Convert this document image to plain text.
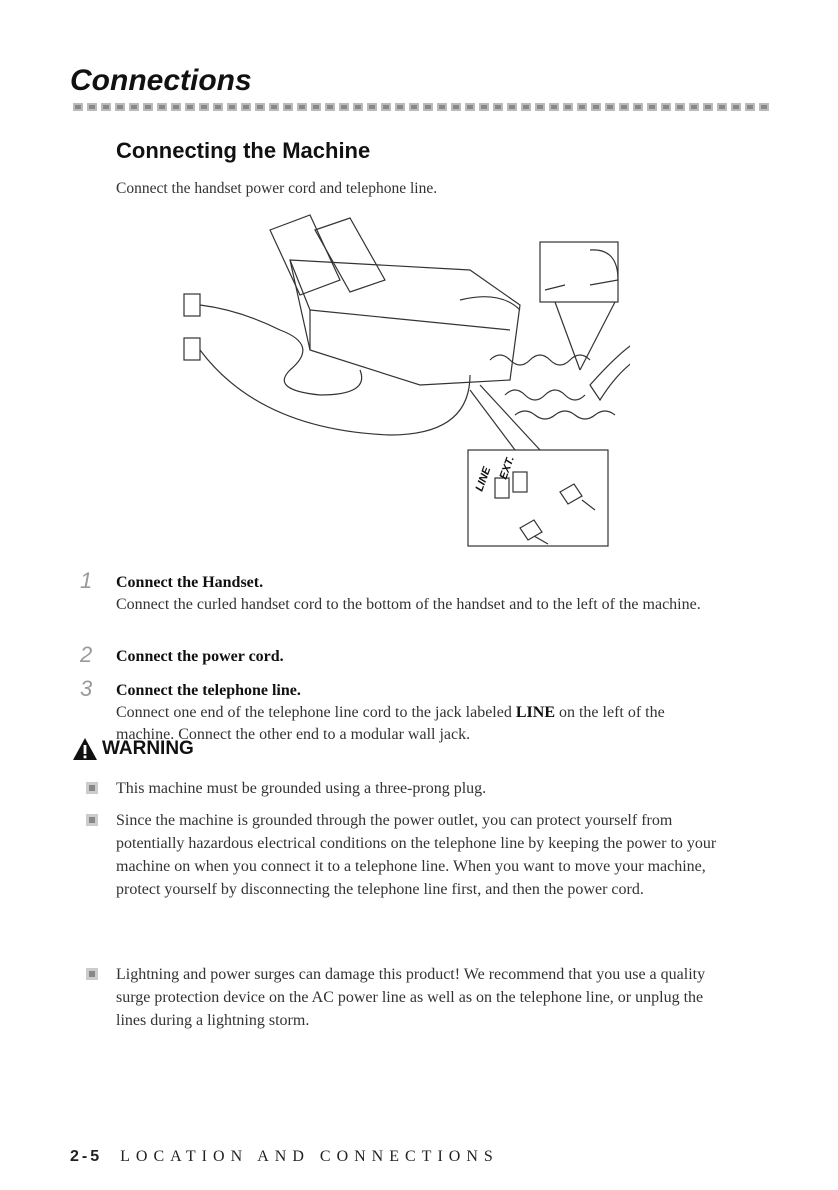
Connections
Connecting the Machine

Connect the handset power cord and telephone line.

LINE EXT.
1 Connect the Handset.
Connect the curled handset cord to the bottom of the handset and to the left of the machine.
2 Connect the power cord.
3 Connect the telephone line.
Connect one end of the telephone line cord to the jack labeled LINE on the left of the machine. Connect the other end to a modular wall jack.
WARNING
This machine must be grounded using a three-prong plug.
Since the machine is grounded through the power outlet, you can protect yourself from potentially hazardous electrical conditions on the telephone line by keeping the power to your machine on when you connect it to a telephone line. When you want to move your machine, protect yourself by disconnecting the telephone line first, and then the power cord.
Lightning and power surges can damage this product! We recommend that you use a quality surge protection device on the AC power line as well as on the telephone line, or unplug the lines during a lightning storm.
2-5 LOCATION AND CONNECTIONS
